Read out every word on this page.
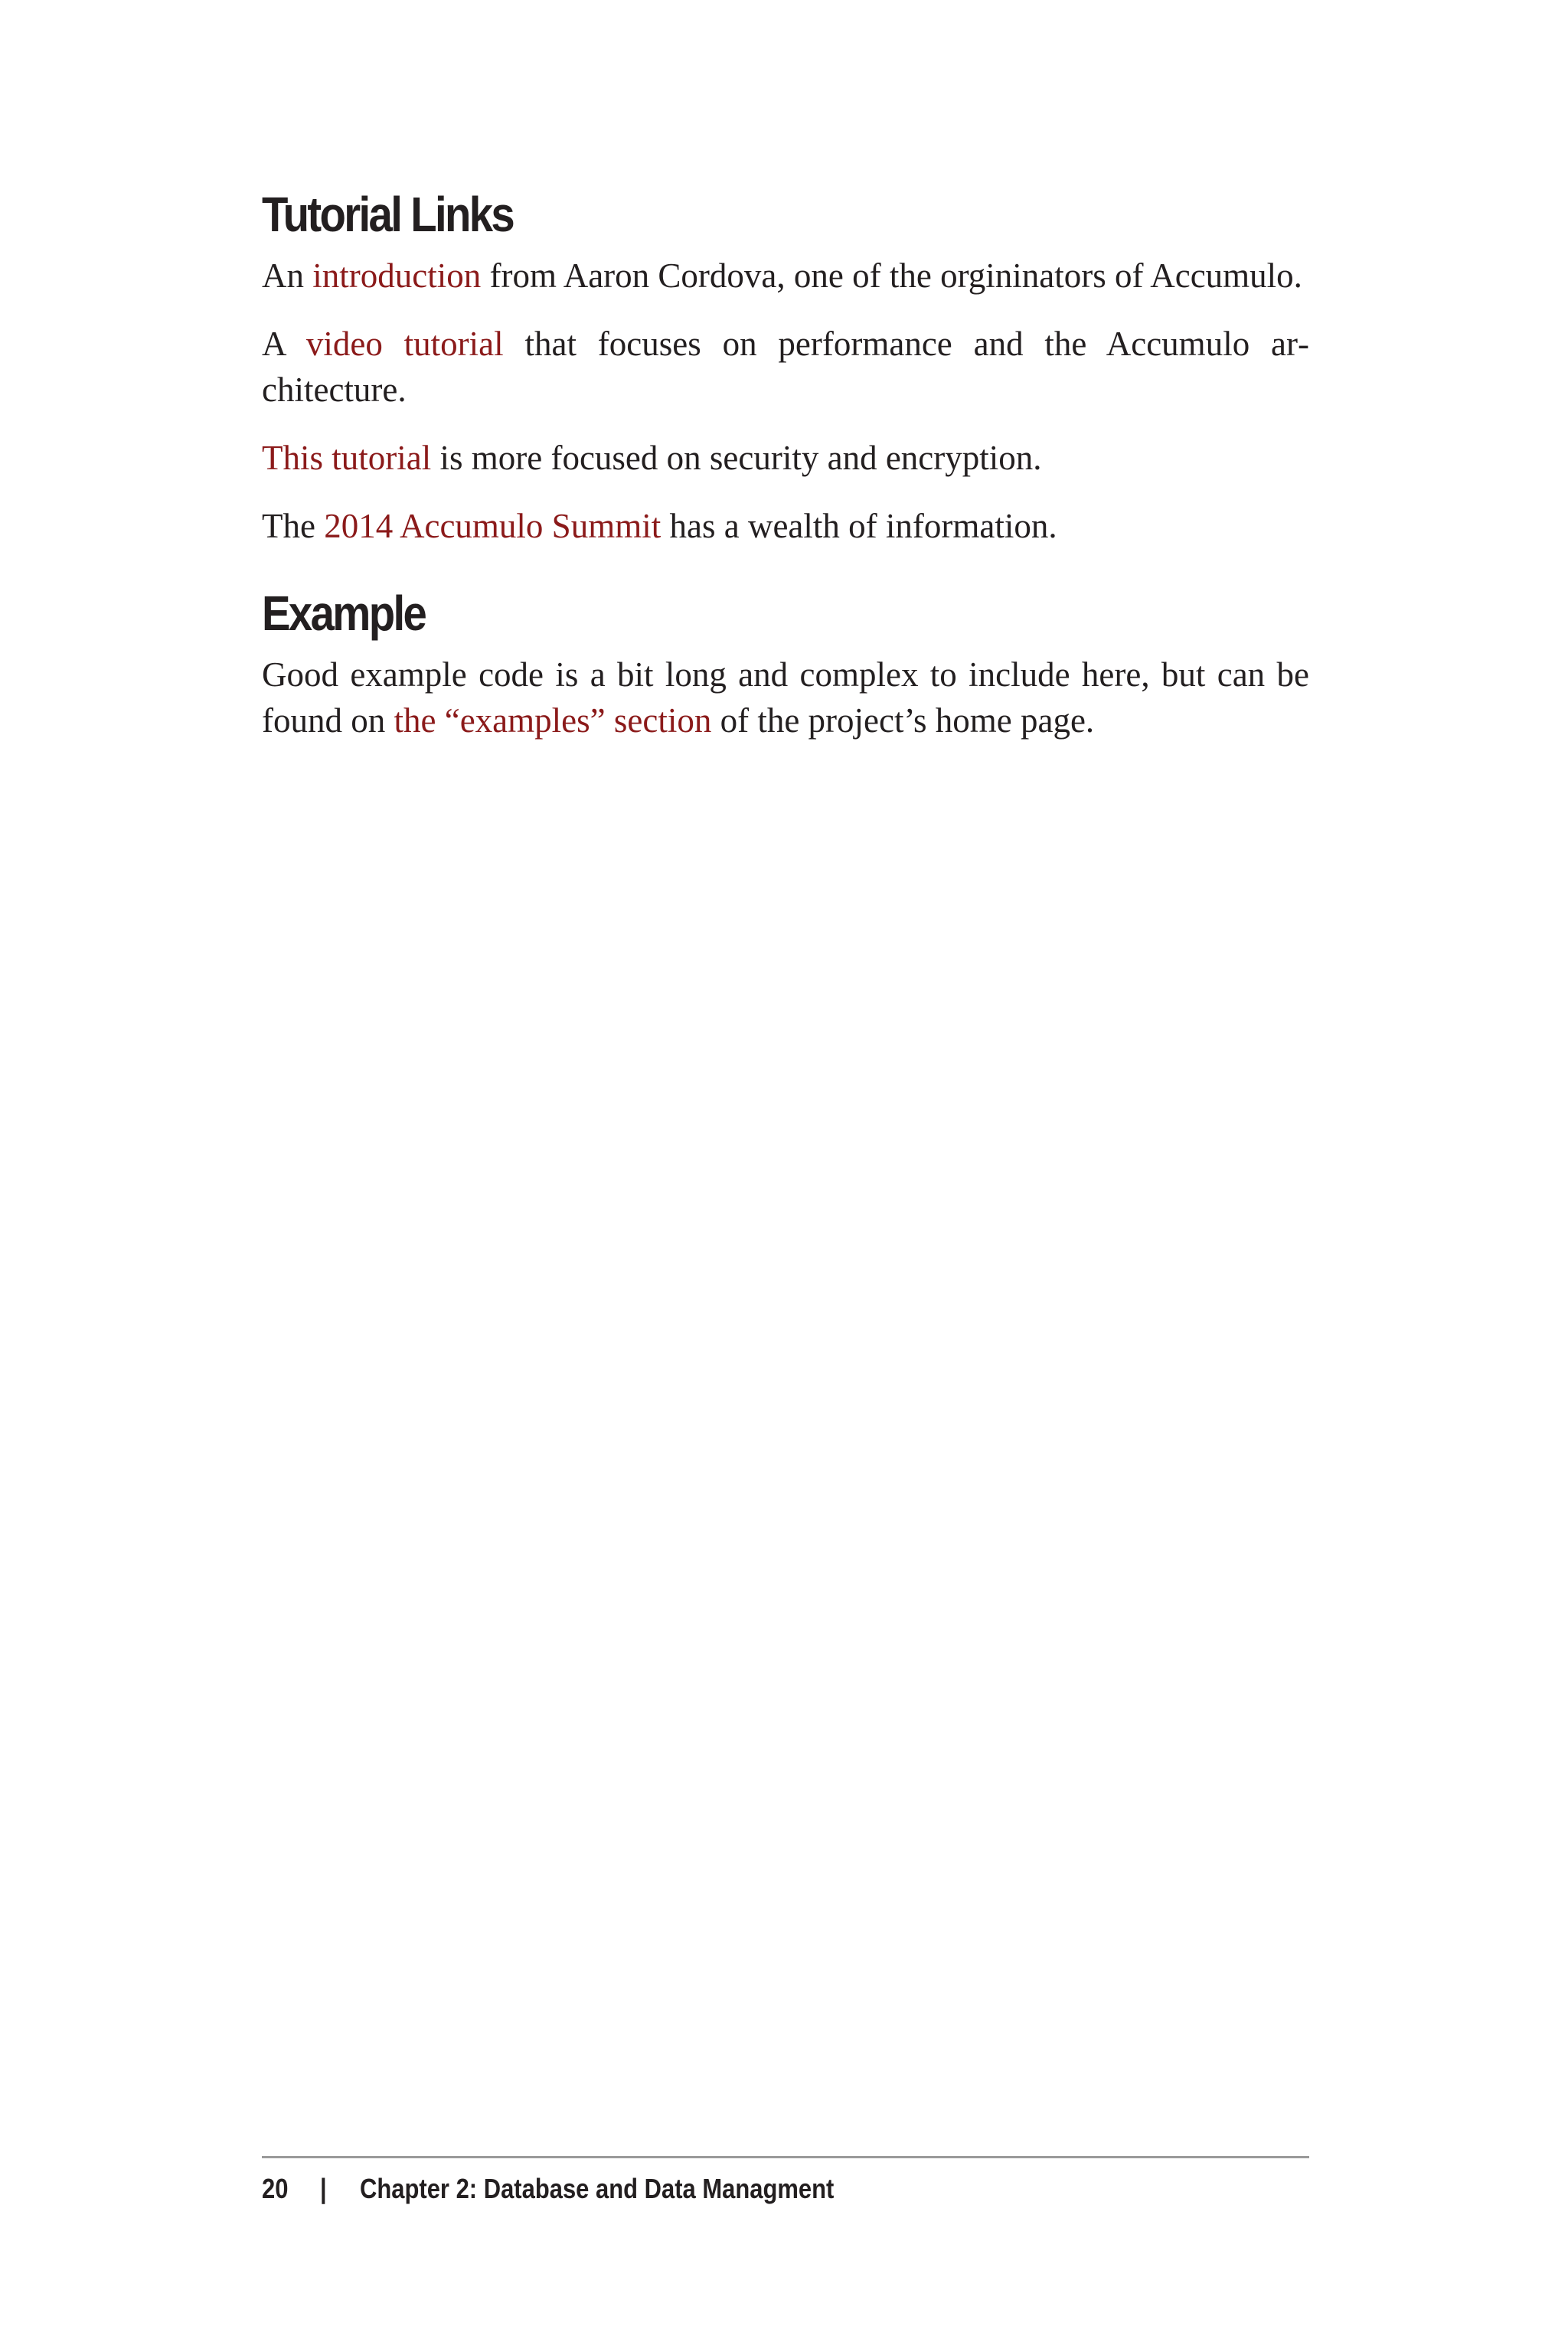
Tutorial Links

An introduction from Aaron Cordova, one of the orgininators of Accumulo.

A video tutorial that focuses on performance and the Accumulo architecture.

This tutorial is more focused on security and encryption.

The 2014 Accumulo Summit has a wealth of information.

Example

Good example code is a bit long and complex to include here, but can be found on the “examples” section of the project’s home page.

20 | Chapter 2: Database and Data Managment
